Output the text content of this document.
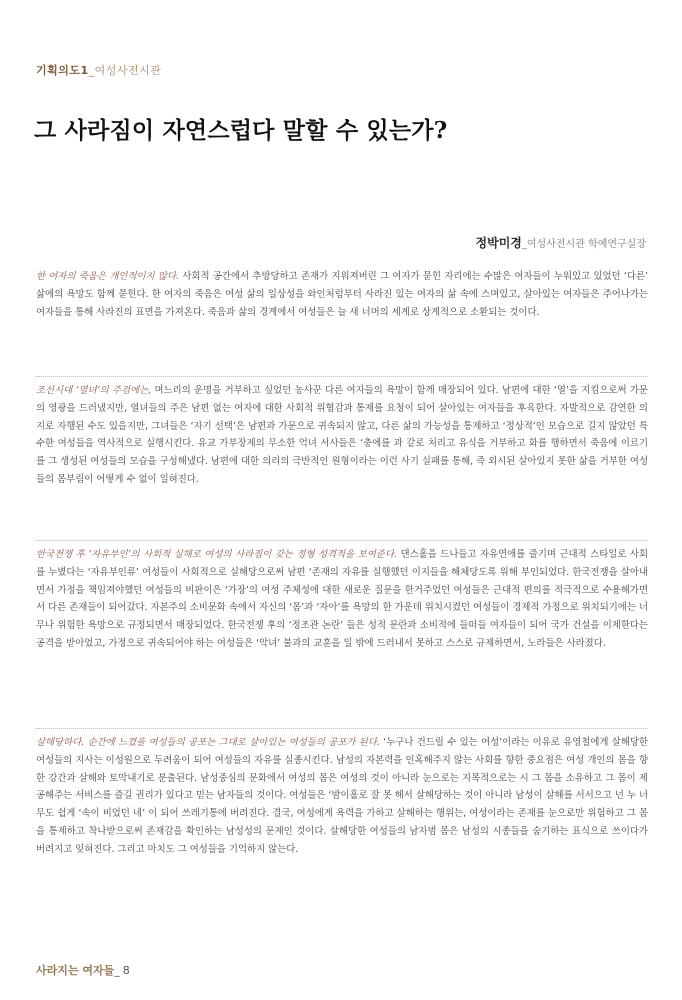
기획의도1_여성사전시관
그 사라짐이 자연스럽다 말할 수 있는가?
정박미경_여성사전시관 학예연구실장
한 여자의 죽음은 개인적이지 않다. 사회적 공간에서 추방당하고 존재가 지워져버린 그 여자가 묻힌 자리에는 수많은 여자들이 누워있고 있었던 ‘다른’ 삶에의 욕망도 함께 묻힌다. 한 여자의 죽음은 여성 삶의 일상성을 와인처럼부터 사라진 있는 여자의 삶 속에 스며있고, 살아있는 여자들은 주어나가는 여자들을 통해 사라진의 표면을 가져온다. 죽음과 삶의 경계에서 여성들은 늘 새 너머의 세계로 상계적으로 소환되는 것이다.
조선시대 ‘열녀’의 주검에는, 며느리의 운명을 거부하고 싶었던 농사꾼 다른 여자들의 욕망이 함께 매장되어 있다. 남편에 대한 ‘열’을 지킴으로써 가문의 영광을 드러냈지만, 열녀들의 주은 남편 없는 여자에 대한 사회적 위협감과 통제를 요청이 되어 살아있는 여자들을 후육한다. 자발적으로 감연한 의지로 자행된 수도 있을지만, 그녀들은 ‘자기 선택’은 남편과 가문으로 귀속되지 않고, 다른 삶의 가능성을 통제하고 ‘정상적’인 모습으로 길지 않았던 특수한 여성들을 역사적으로 실행시킨다. 유교 가부장제의 무소한 억녀 서사들은 ‘충에를 과 같로 처리고 유식을 거부하고 화를 행하면서 죽음에 이르기를 그 생성된 여성들의 모습을 구성해냈다. 남편에 대한 의리의 극반적인 원형이라는 이런 사기 실패를 통해, 즉 외시된 살아있지 못한 삶을 거부한 여성들의 몸부림이 어떻게 수 없이 일혀진다.
한국전쟁 후 ‘자유부인’의 사회적 실해로 여성의 사라짐이 갖는 정형 성격적을 보여준다. 댄스홀을 드나들고 자유연애를 즐기며 근대적 스타일로 사회를 누볐다는 ‘자유부인류’ 여성들이 사회적으로 실해당으로써 남편 ‘존재의 자유를 실행했던 이지들을 해체당도록 위해 부인되었다. 한국전쟁을 살아내면서 가정을 책임져야했던 여성들의 비판이은 ‘가장’의 여성 주체성에 대한 새로운 질문을 한거주었던 여성들은 근대적 편의를 적극적으로 수용해가면서 다른 존재들이 되어갔다. 자본주의 소비문화 속에서 자신의 ‘몸’과 ‘자아’를 욕망의 한 가운데 위치시켰던 여성들이 경제적 가정으로 위치되기에는 너무나 위험한 욕망으로 규정되면서 매장되었다. 한국전쟁 후의 ‘정조관 논란’ 들은 성적 문란과 소비적에 들떠들 여자들이 되어 국가 건설을 이제한다는 공격을 받아었고, 가정으로 귀속되어야 하는 여성들은 ‘악녀’ 불과의 교훈을 일 밖에 드러내서 못하고 스스로 규제하면서, 노라들은 사라졌다.
살해당하다. 순간에 느꼈을 여성들의 공포는 그대로 살아있는 여성들의 공포가 된다. ‘누구나 건드릴 수 있는 여성’이라는 이유로 유영철에게 살해당한 여성들의 지사는 이성원으로 두려움이 되어 여성들의 자유를 실종시킨다. 남성의 자본력을 인혹해주지 않는 사회를 향한 중요점은 여성 개인의 몸을 향한 강간과 살해와 토막내기로 분출된다. 남성중심의 문화에서 여성의 몸은 여성의 것이 아니라 눈으로는 지목적으로는 시 그 몸을 소유하고 그 몸이 제공해주는 서비스를 즐길 권리가 있다고 믿는 남자들의 것이다. 여성들은 ‘밤이홀로 잘 못 해서 살해당하는 것이 아니라 남성이 살해를 서서으고 넌 누 너무도 쉽게 ‘속이 비었던 네’ 이 되어 쓰레기통에 버려진다. 결국, 여성에게 욕력을 가하고 살해하는 행위는, 여성이라는 존재를 눈으로만 위험하고 그 몸을 통제하고 착나받으로써 존재감을 확인하는 남성성의 문제인 것이다. 살해당한 여성들의 남자범 몸은 남성의 시종들을 숨기하는 표식으로 쓰이다가 버려지고 잊혀진다. 그리고 마치도 그 여성들을 기억하지 않는다.
사라지는 여자들_ 8
